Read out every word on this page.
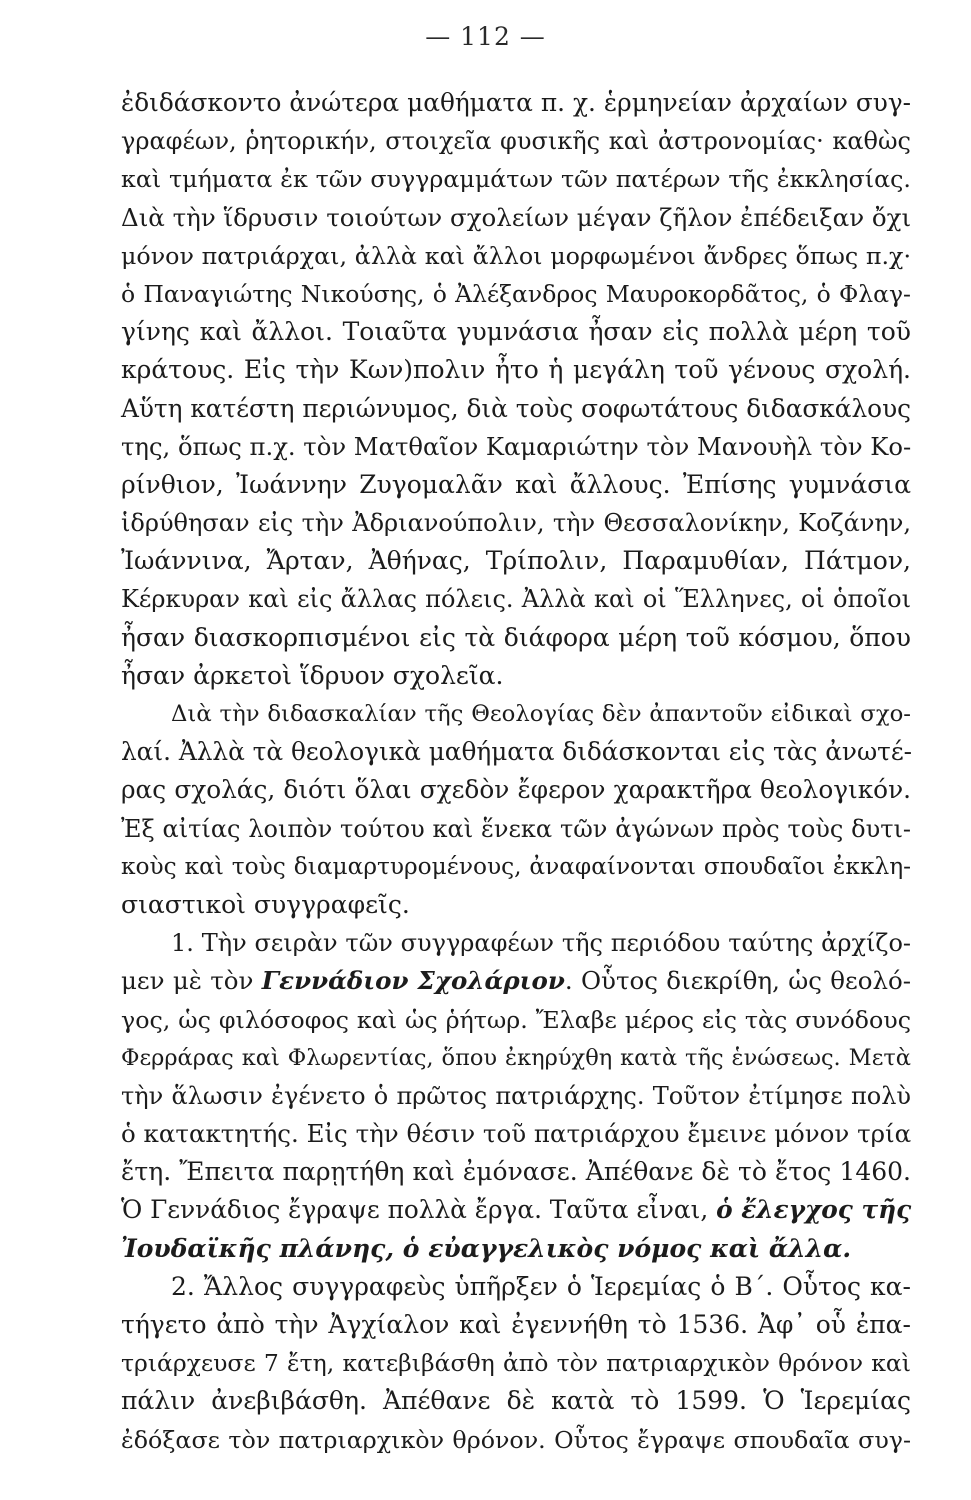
— 112 —
ἐδιδάσκοντο ἀνώτερα μαθήματα π. χ. ἑρμηνείαν ἀρχαίων συγ-
γραφέων, ῥητορικήν, στοιχεῖα φυσικῆς καὶ ἀστρονομίας· καθὼς
καὶ τμήματα ἐκ τῶν συγγραμμάτων τῶν πατέρων τῆς ἐκκλησίας.
Διὰ τὴν ἵδρυσιν τοιούτων σχολείων μέγαν ζῆλον ἐπέδειξαν ὄχι
μόνον πατριάρχαι, ἀλλὰ καὶ ἄλλοι μορφωμένοι ἄνδρες ὅπως π.χ·
ὁ Παναγιώτης Νικούσης, ὁ Ἀλέξανδρος Μαυροκορδᾶτος, ὁ Φλαγ-
γίνης καὶ ἄλλοι. Τοιαῦτα γυμνάσια ἦσαν εἰς πολλὰ μέρη τοῦ
κράτους. Εἰς τὴν Κων)πολιν ἦτο ἡ μεγάλη τοῦ γένους σχολή.
Αὕτη κατέστη περιώνυμος, διὰ τοὺς σοφωτάτους διδασκάλους
της, ὅπως π.χ. τὸν Ματθαῖον Καμαριώτην τὸν Μανουὴλ τὸν Κο-
ρίνθιον, Ἰωάννην Ζυγομαλᾶν καὶ ἄλλους. Ἐπίσης γυμνάσια
ἱδρύθησαν εἰς τὴν Ἀδριανούπολιν, τὴν Θεσσαλονίκην, Κοζάνην,
Ἰωάννινα, Ἄρταν, Ἀθήνας, Τρίπολιν, Παραμυθίαν, Πάτμον,
Κέρκυραν καὶ εἰς ἄλλας πόλεις. Ἀλλὰ καὶ οἱ Ἕλληνες, οἱ ὁποῖοι
ἦσαν διασκορπισμένοι εἰς τὰ διάφορα μέρη τοῦ κόσμου, ὅπου
ἦσαν ἀρκετοὶ ἵδρυον σχολεῖα.
Διὰ τὴν διδασκαλίαν τῆς Θεολογίας δὲν ἀπαντοῦν εἰδικαὶ σχο-
λαί. Ἀλλὰ τὰ θεολογικὰ μαθήματα διδάσκονται εἰς τὰς ἀνωτέ-
ρας σχολάς, διότι ὅλαι σχεδὸν ἔφερον χαρακτῆρα θεολογικόν.
Ἐξ αἰτίας λοιπὸν τούτου καὶ ἕνεκα τῶν ἀγώνων πρὸς τοὺς δυτι-
κοὺς καὶ τοὺς διαμαρτυρομένους, ἀναφαίνονται σπουδαῖοι ἐκκλη-
σιαστικοὶ συγγραφεῖς.
1. Τὴν σειρὰν τῶν συγγραφέων τῆς περιόδου ταύτης ἀρχίζο-
μεν μὲ τὸν Γεννάδιον Σχολάριον. Οὗτος διεκρίθη, ὡς θεολό-
γος, ὡς φιλόσοφος καὶ ὡς ῥήτωρ. Ἔλαβε μέρος εἰς τὰς συνόδους
Φερράρας καὶ Φλωρεντίας, ὅπου ἐκηρύχθη κατὰ τῆς ἑνώσεως. Μετὰ
τὴν ἅλωσιν ἐγένετο ὁ πρῶτος πατριάρχης. Τοῦτον ἐτίμησε πολὺ
ὁ κατακτητής. Εἰς τὴν θέσιν τοῦ πατριάρχου ἔμεινε μόνον τρία
ἔτη. Ἔπειτα παρῃτήθη καὶ ἐμόνασε. Ἀπέθανε δὲ τὸ ἔτος 1460.
Ὁ Γεννάδιος ἔγραψε πολλὰ ἔργα. Ταῦτα εἶναι, ὁ ἔλεγχος τῆς
Ἰουδαϊκῆς πλάνης, ὁ εὐαγγελικὸς νόμος καὶ ἄλλα.
2. Ἄλλος συγγραφεὺς ὑπῆρξεν ὁ Ἱερεμίας ὁ Β΄. Οὗτος κα-
τήγετο ἀπὸ τὴν Ἀγχίαλον καὶ ἐγεννήθη τὸ 1536. Ἀφ᾿ οὗ ἐπα-
τριάρχευσε 7 ἔτη, κατεβιβάσθη ἀπὸ τὸν πατριαρχικὸν θρόνον καὶ
πάλιν ἀνεβιβάσθη. Ἀπέθανε δὲ κατὰ τὸ 1599. Ὁ Ἱερεμίας
ἐδόξασε τὸν πατριαρχικὸν θρόνον. Οὗτος ἔγραψε σπουδαῖα συγ-
